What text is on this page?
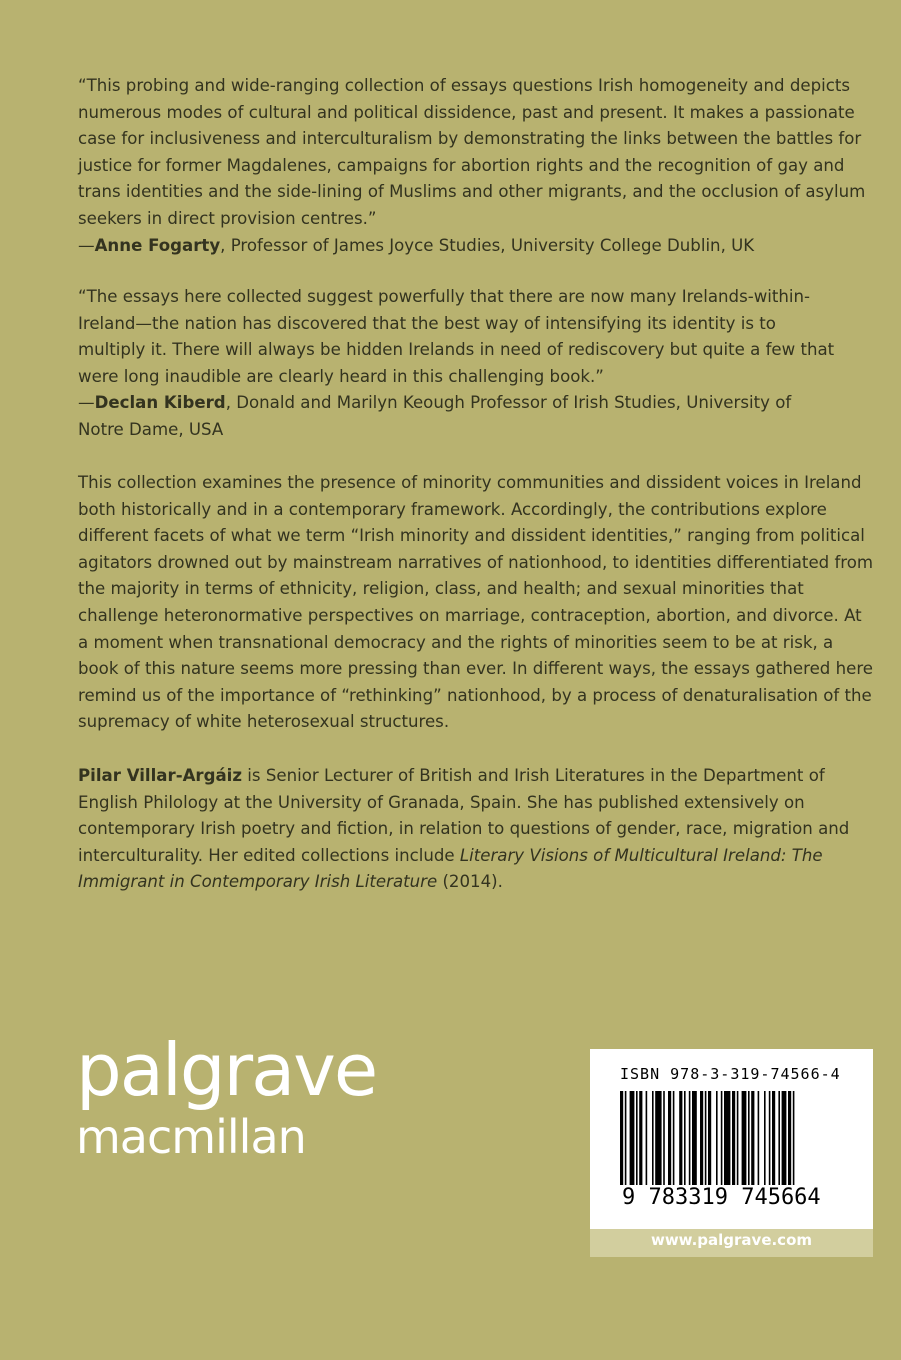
“This probing and wide-ranging collection of essays questions Irish homogeneity and depicts numerous modes of cultural and political dissidence, past and present. It makes a passionate case for inclusiveness and interculturalism by demonstrating the links between the battles for justice for former Magdalenes, campaigns for abortion rights and the recognition of gay and trans identities and the side-lining of Muslims and other migrants, and the occlusion of asylum seekers in direct provision centres.”
—Anne Fogarty, Professor of James Joyce Studies, University College Dublin, UK

“The essays here collected suggest powerfully that there are now many Irelands-within-Ireland—the nation has discovered that the best way of intensifying its identity is to multiply it. There will always be hidden Irelands in need of rediscovery but quite a few that were long inaudible are clearly heard in this challenging book.”
—Declan Kiberd, Donald and Marilyn Keough Professor of Irish Studies, University of Notre Dame, USA

This collection examines the presence of minority communities and dissident voices in Ireland both historically and in a contemporary framework. Accordingly, the contributions explore different facets of what we term “Irish minority and dissident identities,” ranging from political agitators drowned out by mainstream narratives of nationhood, to identities differentiated from the majority in terms of ethnicity, religion, class, and health; and sexual minorities that challenge heteronormative perspectives on marriage, contraception, abortion, and divorce. At a moment when transnational democracy and the rights of minorities seem to be at risk, a book of this nature seems more pressing than ever. In different ways, the essays gathered here remind us of the importance of “rethinking” nationhood, by a process of denaturalisation of the supremacy of white heterosexual structures.

Pilar Villar-Argáiz is Senior Lecturer of British and Irish Literatures in the Department of English Philology at the University of Granada, Spain. She has published extensively on contemporary Irish poetry and fiction, in relation to questions of gender, race, migration and interculturality. Her edited collections include Literary Visions of Multicultural Ireland: The Immigrant in Contemporary Irish Literature (2014).

palgrave
macmillan
ISBN 978-3-319-74566-4
9 783319 745664
www.palgrave.com
